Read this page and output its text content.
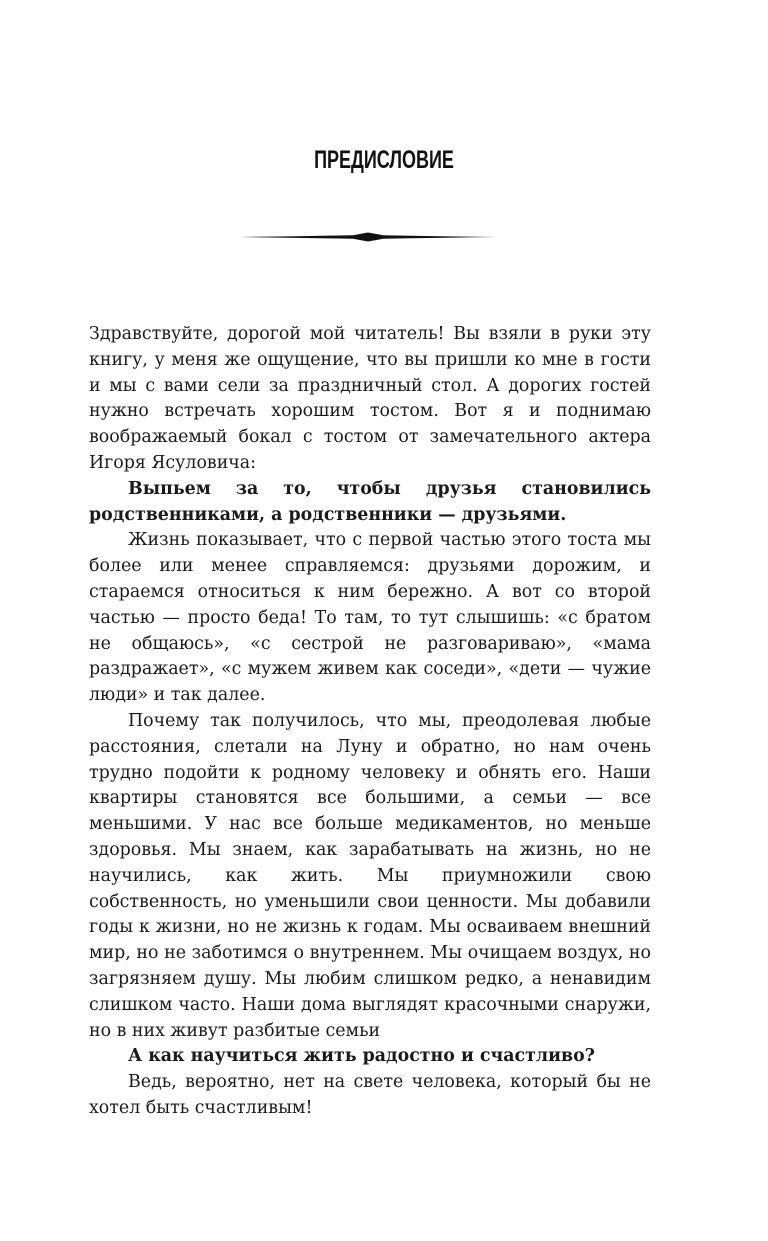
ПРЕДИСЛОВИЕ

Здравствуйте, дорогой мой читатель! Вы взяли в руки эту книгу, у меня же ощущение, что вы пришли ко мне в гости и мы с вами сели за праздничный стол. А дорогих гостей нужно встречать хорошим тостом. Вот я и поднимаю воображаемый бокал с тостом от замечательного актера Игоря Ясуловича:

Выпьем за то, чтобы друзья становились родственниками, а родственники — друзьями.

Жизнь показывает, что с первой частью этого тоста мы более или менее справляемся: друзьями дорожим, и стараемся относиться к ним бережно. А вот со второй частью — просто беда! То там, то тут слышишь: «с братом не общаюсь», «с сестрой не разговариваю», «мама раздражает», «с мужем живем как соседи», «дети — чужие люди» и так далее.

Почему так получилось, что мы, преодолевая любые расстояния, слетали на Луну и обратно, но нам очень трудно подойти к родному человеку и обнять его. Наши квартиры становятся все большими, а семьи — все меньшими. У нас все больше медикаментов, но меньше здоровья. Мы знаем, как зарабатывать на жизнь, но не научились, как жить. Мы приумножили свою собственность, но уменьшили свои ценности. Мы добавили годы к жизни, но не жизнь к годам. Мы осваиваем внешний мир, но не заботимся о внутреннем. Мы очищаем воздух, но загрязняем душу. Мы любим слишком редко, а ненавидим слишком часто. Наши дома выглядят красочными снаружи, но в них живут разбитые семьи

А как научиться жить радостно и счастливо?

Ведь, вероятно, нет на свете человека, который бы не хотел быть счастливым!
